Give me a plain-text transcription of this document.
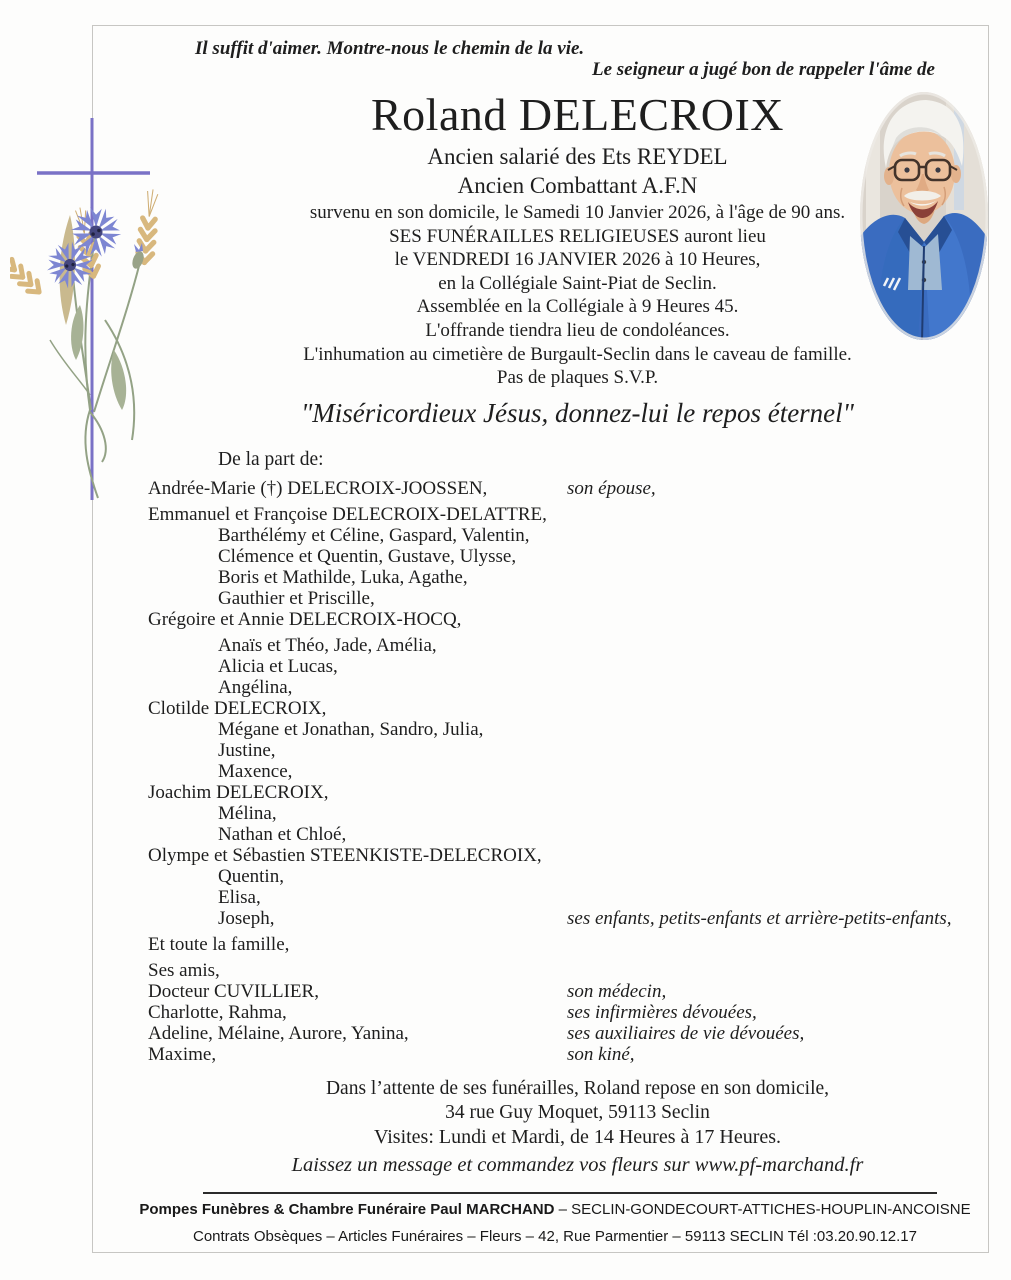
Il suffit d'aimer. Montre-nous le chemin de la vie.
Le seigneur a jugé bon de rappeler l'âme de
Roland DELECROIX
Ancien salarié des Ets REYDEL
Ancien Combattant A.F.N
survenu en son domicile, le Samedi 10 Janvier 2026, à l'âge de 90 ans.
SES FUNÉRAILLES RELIGIEUSES auront lieu
le VENDREDI 16 JANVIER 2026 à 10 Heures,
en la Collégiale Saint-Piat de Seclin.
Assemblée en la Collégiale à 9 Heures 45.
L'offrande tiendra lieu de condoléances.
L'inhumation au cimetière de Burgault-Seclin dans le caveau de famille.
Pas de plaques S.V.P.
"Miséricordieux Jésus, donnez-lui le repos éternel"
De la part de:
Andrée-Marie (†) DELECROIX-JOOSSEN,	son épouse,
Emmanuel et Françoise DELECROIX-DELATTRE,
Barthélémy et Céline, Gaspard, Valentin,
Clémence et Quentin, Gustave, Ulysse,
Boris et Mathilde, Luka, Agathe,
Gauthier et Priscille,
Grégoire et Annie DELECROIX-HOCQ,
Anaïs et Théo, Jade, Amélia,
Alicia et Lucas,
Angélina,
Clotilde DELECROIX,
Mégane et Jonathan, Sandro, Julia,
Justine,
Maxence,
Joachim DELECROIX,
Mélina,
Nathan et Chloé,
Olympe et Sébastien STEENKISTE-DELECROIX,
Quentin,
Elisa,
Joseph,	ses enfants, petits-enfants et arrière-petits-enfants,
Et toute la famille,
Ses amis,
Docteur CUVILLIER,	son médecin,
Charlotte, Rahma,	ses infirmières dévouées,
Adeline, Mélaine, Aurore, Yanina,	ses auxiliaires de vie dévouées,
Maxime,	son kiné,
Dans l’attente de ses funérailles, Roland repose en son domicile,
34 rue Guy Moquet, 59113 Seclin
Visites: Lundi et Mardi, de 14 Heures à 17 Heures.
Laissez un message et commandez vos fleurs sur www.pf-marchand.fr
Pompes Funèbres & Chambre Funéraire Paul MARCHAND – SECLIN-GONDECOURT-ATTICHES-HOUPLIN-ANCOISNE
Contrats Obsèques – Articles Funéraires – Fleurs – 42, Rue Parmentier – 59113 SECLIN Tél :03.20.90.12.17
